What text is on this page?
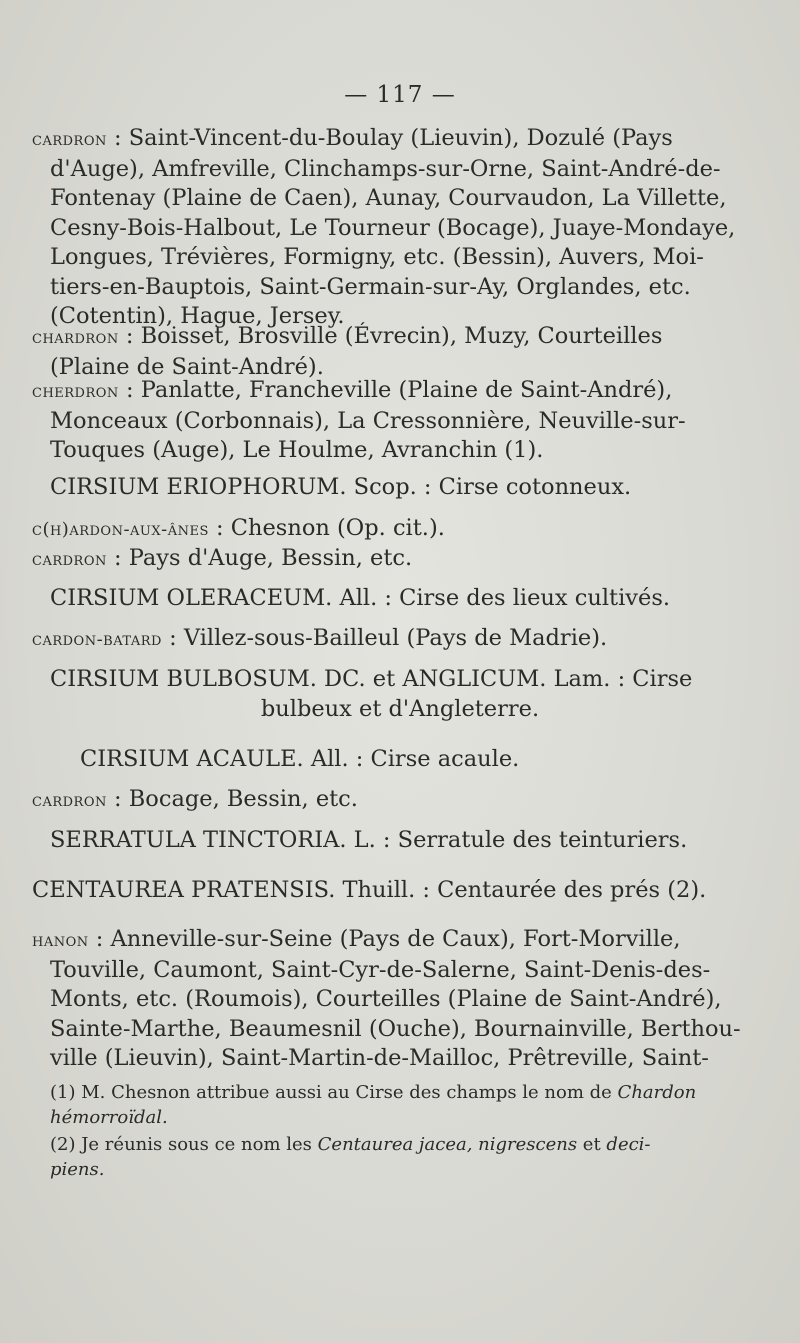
— 117 —
cardron : Saint-Vincent-du-Boulay (Lieuvin), Dozulé (Pays
d'Auge), Amfreville, Clinchamps-sur-Orne, Saint-André-de-
Fontenay (Plaine de Caen), Aunay, Courvaudon, La Villette,
Cesny-Bois-Halbout, Le Tourneur (Bocage), Juaye-Mondaye,
Longues, Trévières, Formigny, etc. (Bessin), Auvers, Moi-
tiers-en-Bauptois, Saint-Germain-sur-Ay, Orglandes, etc.
(Cotentin), Hague, Jersey.
chardron : Boisset, Brosville (Évrecin), Muzy, Courteilles
(Plaine de Saint-André).
cherdron : Panlatte, Francheville (Plaine de Saint-André),
Monceaux (Corbonnais), La Cressonnière, Neuville-sur-
Touques (Auge), Le Houlme, Avranchin (1).
CIRSIUM ERIOPHORUM. Scop. : Cirse cotonneux.
c(h)ardon-aux-ânes : Chesnon (Op. cit.).
cardron : Pays d'Auge, Bessin, etc.
CIRSIUM OLERACEUM. All. : Cirse des lieux cultivés.
cardon-batard : Villez-sous-Bailleul (Pays de Madrie).
CIRSIUM BULBOSUM. DC. et ANGLICUM. Lam. : Cirse
bulbeux et d'Angleterre.
CIRSIUM ACAULE. All. : Cirse acaule.
cardron : Bocage, Bessin, etc.
SERRATULA TINCTORIA. L. : Serratule des teinturiers.
CENTAUREA PRATENSIS. Thuill. : Centaurée des prés (2).
hanon : Anneville-sur-Seine (Pays de Caux), Fort-Morville,
Touville, Caumont, Saint-Cyr-de-Salerne, Saint-Denis-des-
Monts, etc. (Roumois), Courteilles (Plaine de Saint-André),
Sainte-Marthe, Beaumesnil (Ouche), Bournainville, Berthou-
ville (Lieuvin), Saint-Martin-de-Mailloc, Prêtreville, Saint-
(1) M. Chesnon attribue aussi au Cirse des champs le nom de Chardon
hémorroïdal.
(2) Je réunis sous ce nom les Centaurea jacea, nigrescens et deci-
piens.
